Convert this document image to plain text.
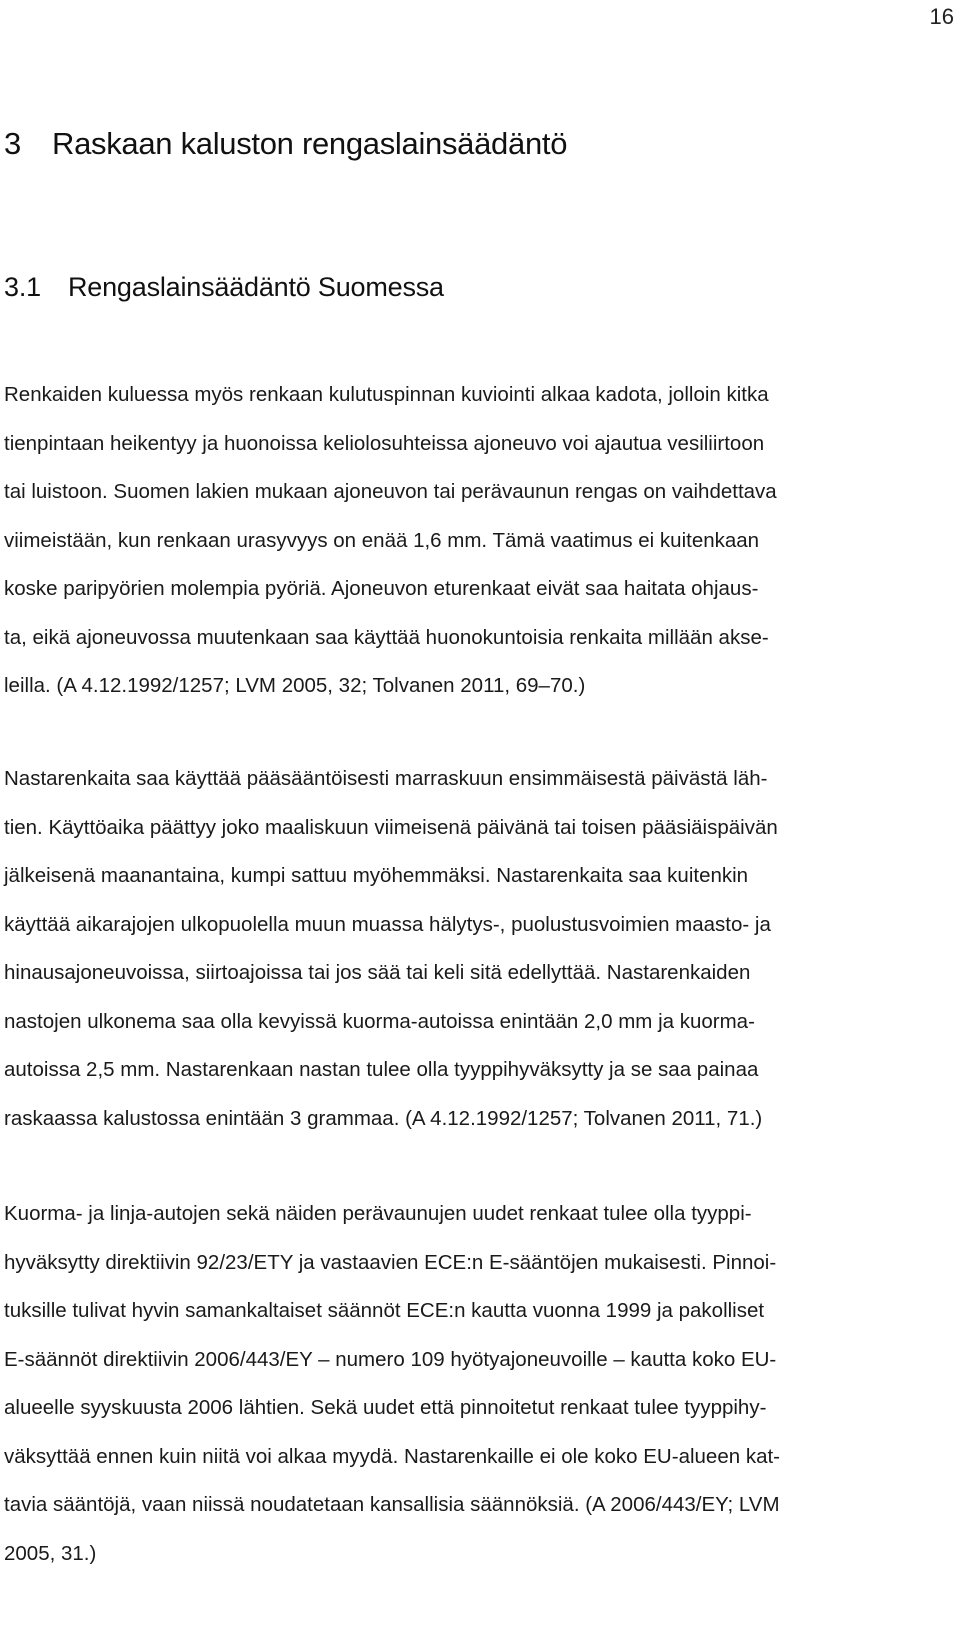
16
3 Raskaan kaluston rengaslainsäädäntö
3.1 Rengaslainsäädäntö Suomessa
Renkaiden kuluessa myös renkaan kulutuspinnan kuviointi alkaa kadota, jolloin kitka
tienpintaan heikentyy ja huonoissa keliolosuhteissa ajoneuvo voi ajautua vesiliirtoon
tai luistoon. Suomen lakien mukaan ajoneuvon tai perävaunun rengas on vaihdettava
viimeistään, kun renkaan urasyvyys on enää 1,6 mm. Tämä vaatimus ei kuitenkaan
koske paripyörien molempia pyöriä. Ajoneuvon eturenkaat eivät saa haitata ohjaus-
ta, eikä ajoneuvossa muutenkaan saa käyttää huonokuntoisia renkaita millään akse-
leilla. (A 4.12.1992/1257; LVM 2005, 32; Tolvanen 2011, 69‒70.)
Nastarenkaita saa käyttää pääsääntöisesti marraskuun ensimmäisestä päivästä läh-
tien. Käyttöaika päättyy joko maaliskuun viimeisenä päivänä tai toisen pääsiäispäivän
jälkeisenä maanantaina, kumpi sattuu myöhemmäksi. Nastarenkaita saa kuitenkin
käyttää aikarajojen ulkopuolella muun muassa hälytys-, puolustusvoimien maasto- ja
hinausajoneuvoissa, siirtoajoissa tai jos sää tai keli sitä edellyttää. Nastarenkaiden
nastojen ulkonema saa olla kevyissä kuorma-autoissa enintään 2,0 mm ja kuorma-
autoissa 2,5 mm. Nastarenkaan nastan tulee olla tyyppihyväksytty ja se saa painaa
raskaassa kalustossa enintään 3 grammaa. (A 4.12.1992/1257; Tolvanen 2011, 71.)
Kuorma- ja linja-autojen sekä näiden perävaunujen uudet renkaat tulee olla tyyppi-
hyväksytty direktiivin 92/23/ETY ja vastaavien ECE:n E-sääntöjen mukaisesti. Pinnoi-
tuksille tulivat hyvin samankaltaiset säännöt ECE:n kautta vuonna 1999 ja pakolliset
E-säännöt direktiivin 2006/443/EY – numero 109 hyötyajoneuvoille – kautta koko EU-
alueelle syyskuusta 2006 lähtien. Sekä uudet että pinnoitetut renkaat tulee tyyppihy-
väksyttää ennen kuin niitä voi alkaa myydä. Nastarenkaille ei ole koko EU-alueen kat-
tavia sääntöjä, vaan niissä noudatetaan kansallisia säännöksiä. (A 2006/443/EY; LVM
2005, 31.)
